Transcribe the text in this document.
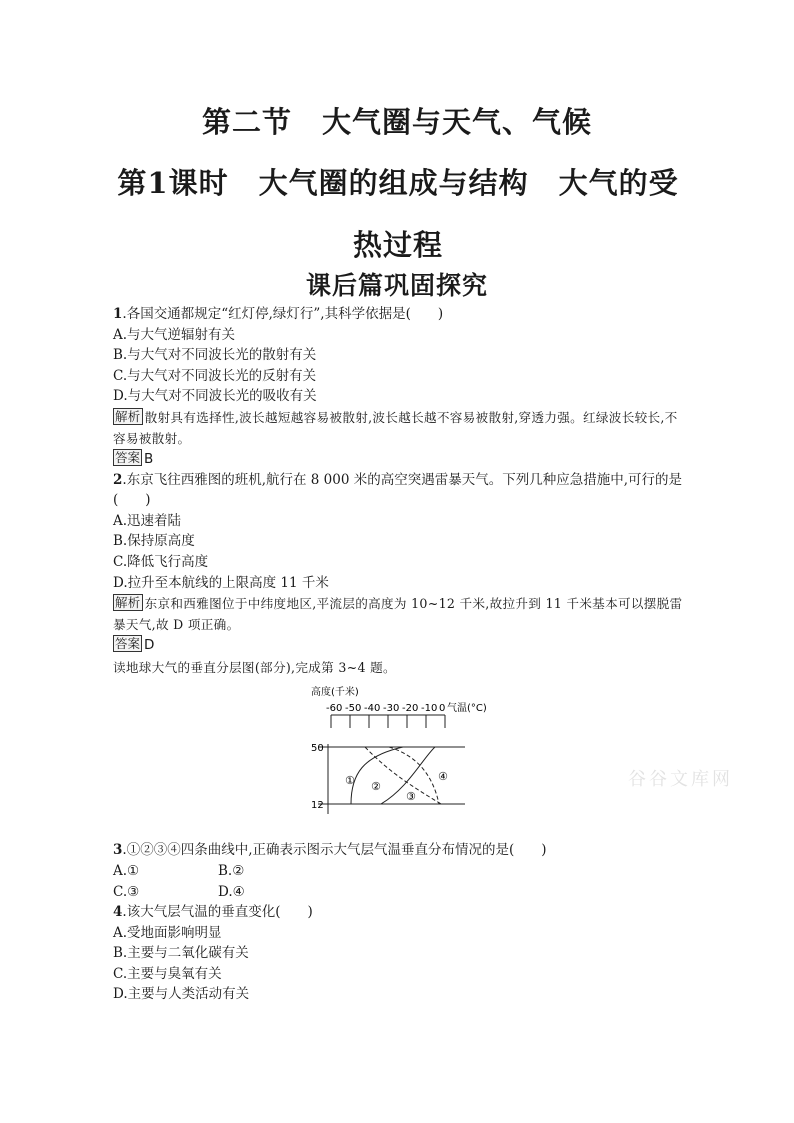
第二节　大气圈与天气、气候
第1课时　大气圈的组成与结构　大气的受热过程
课后篇巩固探究

1.各国交通都规定“红灯停,绿灯行”,其科学依据是(　　)

A.与大气逆辐射有关

B.与大气对不同波长光的散射有关

C.与大气对不同波长光的反射有关

D.与大气对不同波长光的吸收有关

解析 散射具有选择性,波长越短越容易被散射,波长越长越不容易被散射,穿透力强。红绿波长较长,不容易被散射。

答案 B

2.东京飞往西雅图的班机,航行在 8 000 米的高空突遇雷暴天气。下列几种应急措施中,可行的是(　　)

A.迅速着陆

B.保持原高度

C.降低飞行高度

D.拉升至本航线的上限高度 11 千米

解析 东京和西雅图位于中纬度地区,平流层的高度为 10~12 千米,故拉升到 11 千米基本可以摆脱雷暴天气,故 D 项正确。

答案 D

读地球大气的垂直分层图(部分),完成第 3~4 题。

高度(千米)
-60 -50 -40 -30 -20 -10 0 气温(°C)
50
12
① ②
③
④

3.①②③④四条曲线中,正确表示图示大气层气温垂直分布情况的是(　　)

A.①	B.②
C.③	D.④

4.该大气层气温的垂直变化(　　)

A.受地面影响明显

B.主要与二氧化碳有关

C.主要与臭氧有关

D.主要与人类活动有关

谷谷文库网
